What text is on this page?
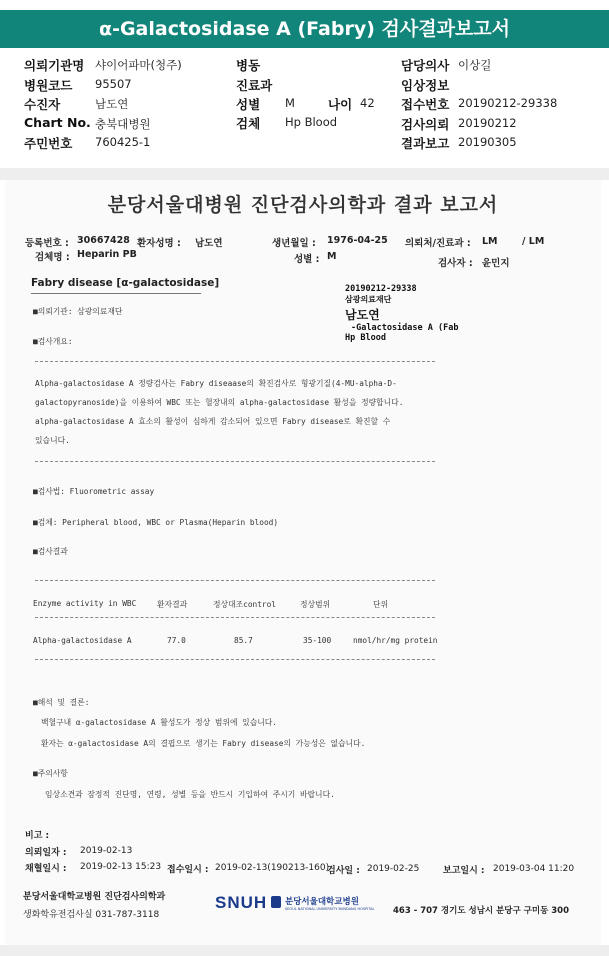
α-Galactosidase A (Fabry) 검사결과보고서
의뢰기관명 샤이어파마(청주)	병동	담당의사 이상길
병원코드 95507	진료과	임상정보
수진자	남도연	성별 M	나이 42 접수번호 20190212-29338
Chart No. 충북대병원	검체 Hp Blood	검사의뢰 20190212
주민번호 760425-1	결과보고 20190305
분당서울대병원 진단검사의학과 결과 보고서
등록번호 : 30667428 환자성명 : 남도연	생년월일 : 1976-04-25 의뢰처/진료과 : LM	/ LM
검체명 : Heparin PB	성별 : M
검사자 : 윤민지
Fabry disease [α-galactosidase]	20190212-29338
삼광의료재단
남도연
-Galactosidase A (Fab
Hp Blood
■의뢰기관: 삼광의료재단
■검사개요:
Alpha-galactosidase A 정량검사는 Fabry diseaase의 확진검사로 형광기질(4-MU-alpha-D-
galactopyranoside)을 이용하여 WBC 또는 혈장내의 alpha-galactosidase 활성을 정량합니다.
alpha-galactosidase A 효소의 활성이 심하게 감소되어 있으면 Fabry disease로 확진할 수
있습니다.
■검사법: Fluorometric assay
■검체: Peripheral blood, WBC or Plasma(Heparin blood)
■검사결과
Enzyme activity in WBC	환자결과	정상대조control	정상범위	단위
Alpha-galactosidase A	77.0	85.7	35-100	nmol/hr/mg protein
■해석 및 결론:
백혈구내 α-galactosidase A 활성도가 정상 범위에 있습니다.
환자는 α-galactosidase A의 결핍으로 생기는 Fabry disease의 가능성은 없습니다.
■주의사항
임상소견과 잠정적 진단명, 연령, 성별 등을 반드시 기입하여 주시기 바랍니다.
비고 :
의뢰일자 : 2019-02-13
채혈일시 : 2019-02-13 15:23 접수일시 : 2019-02-13(190213-160)
검사일 : 2019-02-25	보고일시 : 2019-03-04 11:20
분당서울대학교병원 진단검사의학과
생화학유전검사실 031-787-3118
SNUH 분당서울대학교병원
SEOUL NATIONAL UNIVERSITY BUNDANG HOSPITAL 463 - 707 경기도 성남시 분당구 구미동 300
